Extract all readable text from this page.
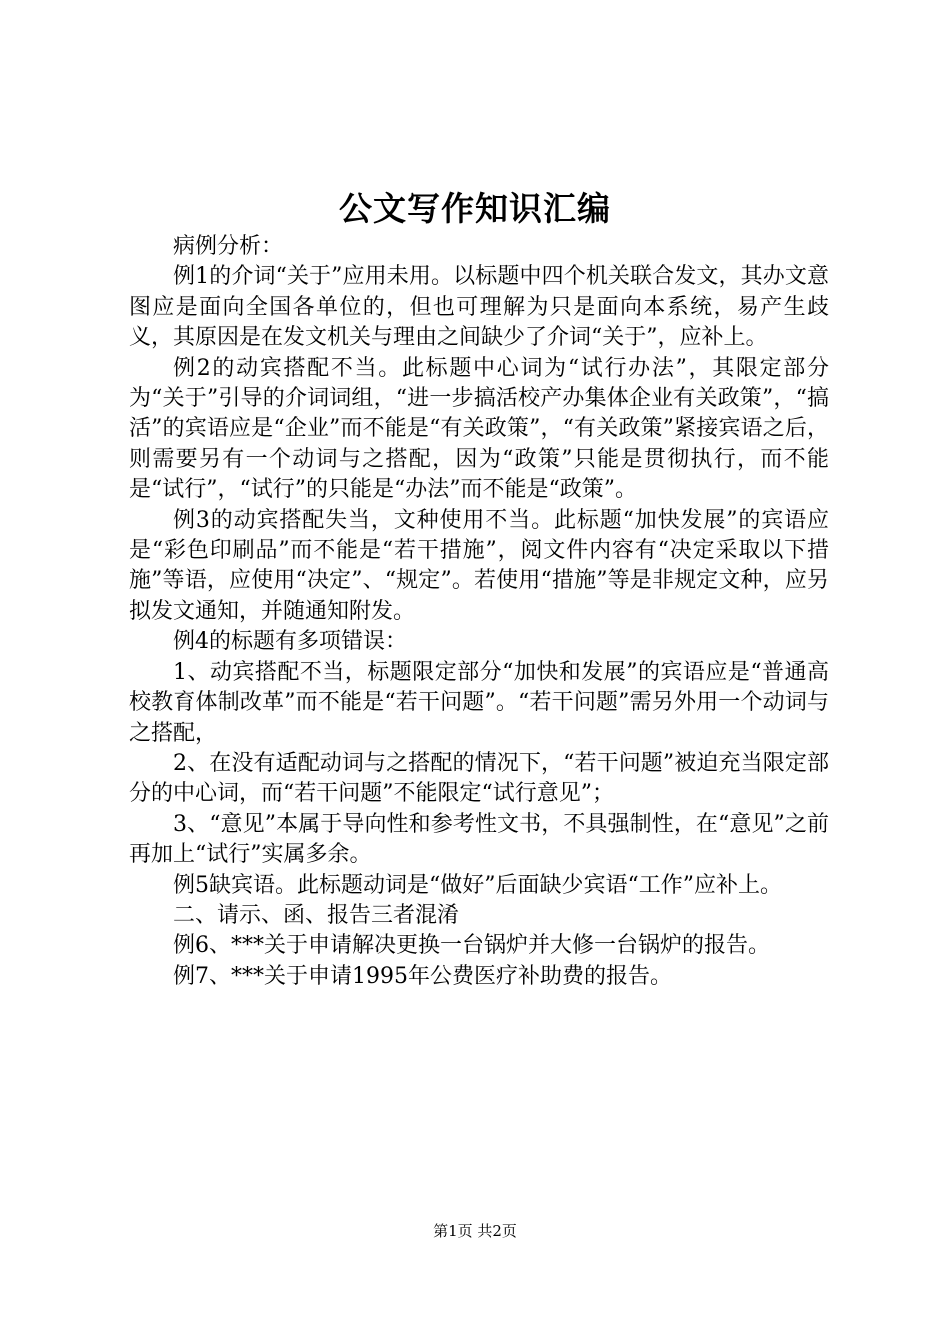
公文写作知识汇编

病例分析：

例1的介词“关于”应用未用。以标题中四个机关联合发文，其办文意图应是面向全国各单位的，但也可理解为只是面向本系统，易产生歧义，其原因是在发文机关与理由之间缺少了介词“关于”，应补上。

例2的动宾搭配不当。此标题中心词为“试行办法”，其限定部分为“关于”引导的介词词组，“进一步搞活校产办集体企业有关政策”，“搞活”的宾语应是“企业”而不能是“有关政策”，“有关政策”紧接宾语之后，则需要另有一个动词与之搭配，因为“政策”只能是贯彻执行，而不能是“试行”，“试行”的只能是“办法”而不能是“政策”。

例3的动宾搭配失当，文种使用不当。此标题“加快发展”的宾语应是“彩色印刷品”而不能是“若干措施”，阅文件内容有“决定采取以下措施”等语，应使用“决定”、“规定”。若使用“措施”等是非规定文种，应另拟发文通知，并随通知附发。

例4的标题有多项错误：

1、动宾搭配不当，标题限定部分“加快和发展”的宾语应是“普通高校教育体制改革”而不能是“若干问题”。“若干问题”需另外用一个动词与之搭配，

2、在没有适配动词与之搭配的情况下，“若干问题”被迫充当限定部分的中心词，而“若干问题”不能限定“试行意见”；

3、“意见”本属于导向性和参考性文书，不具强制性，在“意见”之前再加上“试行”实属多余。

例5缺宾语。此标题动词是“做好”后面缺少宾语“工作”应补上。

二、请示、函、报告三者混淆

例6、***关于申请解决更换一台锅炉并大修一台锅炉的报告。

例7、***关于申请1995年公费医疗补助费的报告。

第1页 共2页
